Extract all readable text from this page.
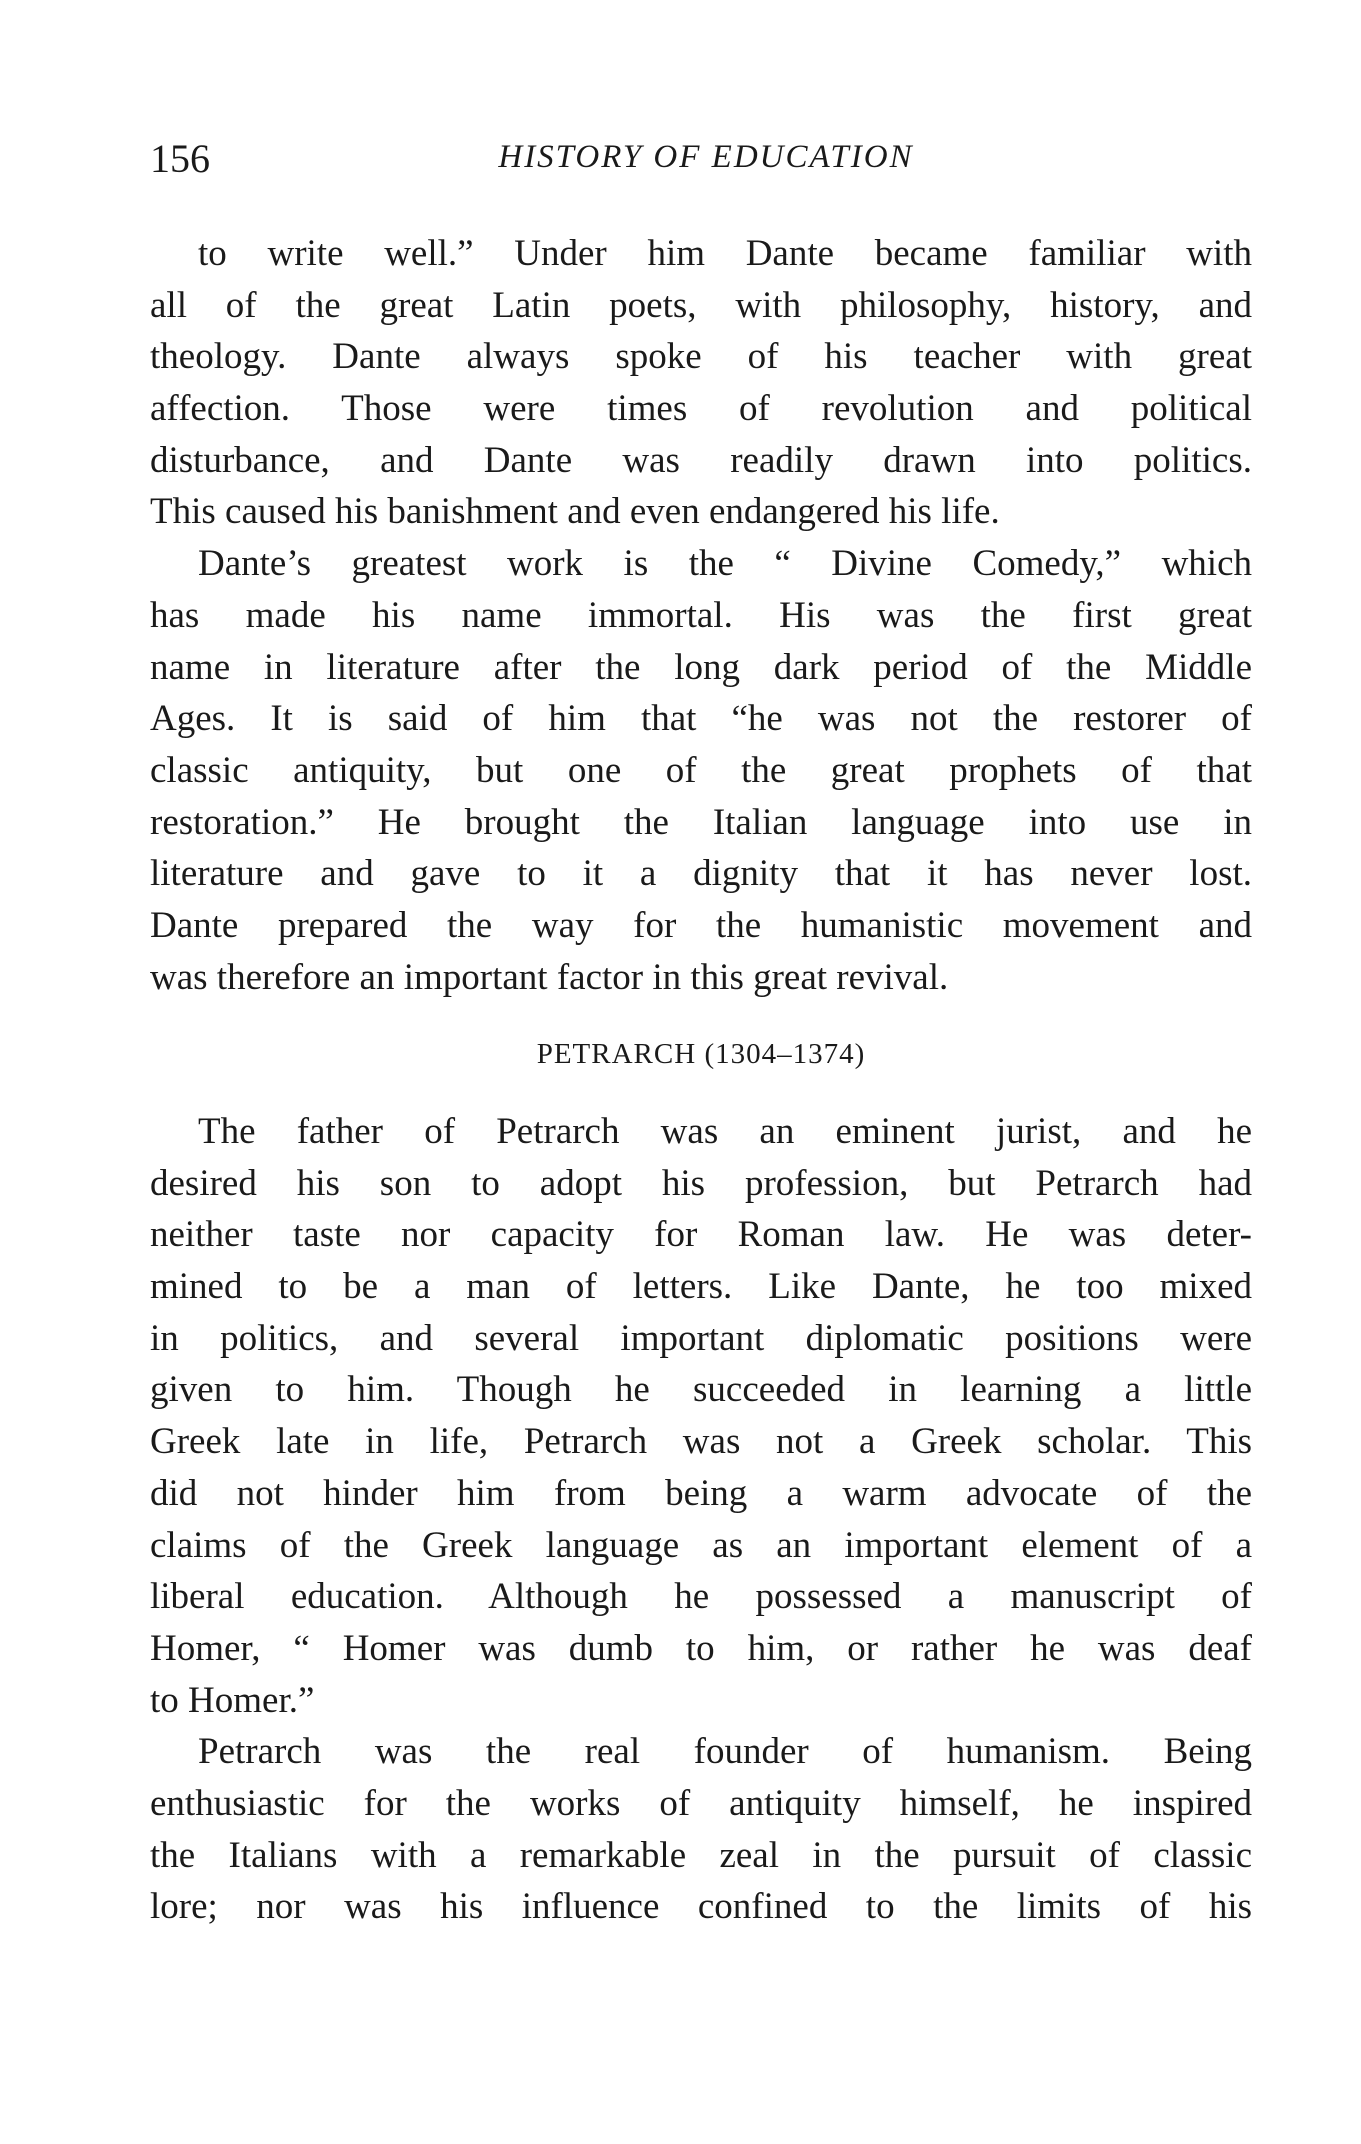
156	HISTORY OF EDUCATION
to write well.” Under him Dante became familiar with
all of the great Latin poets, with philosophy, history, and
theology. Dante always spoke of his teacher with great
affection. Those were times of revolution and political
disturbance, and Dante was readily drawn into politics.
This caused his banishment and even endangered his life.
Dante’s greatest work is the “ Divine Comedy,” which
has made his name immortal. His was the first great
name in literature after the long dark period of the Middle
Ages. It is said of him that “he was not the restorer of
classic antiquity, but one of the great prophets of that
restoration.” He brought the Italian language into use in
literature and gave to it a dignity that it has never lost.
Dante prepared the way for the humanistic movement and
was therefore an important factor in this great revival.
PETRARCH (1304–1374)
The father of Petrarch was an eminent jurist, and he
desired his son to adopt his profession, but Petrarch had
neither taste nor capacity for Roman law. He was deter-
mined to be a man of letters. Like Dante, he too mixed
in politics, and several important diplomatic positions were
given to him. Though he succeeded in learning a little
Greek late in life, Petrarch was not a Greek scholar. This
did not hinder him from being a warm advocate of the
claims of the Greek language as an important element of a
liberal education. Although he possessed a manuscript of
Homer, “ Homer was dumb to him, or rather he was deaf
to Homer.”
Petrarch was the real founder of humanism. Being
enthusiastic for the works of antiquity himself, he inspired
the Italians with a remarkable zeal in the pursuit of classic
lore; nor was his influence confined to the limits of his
